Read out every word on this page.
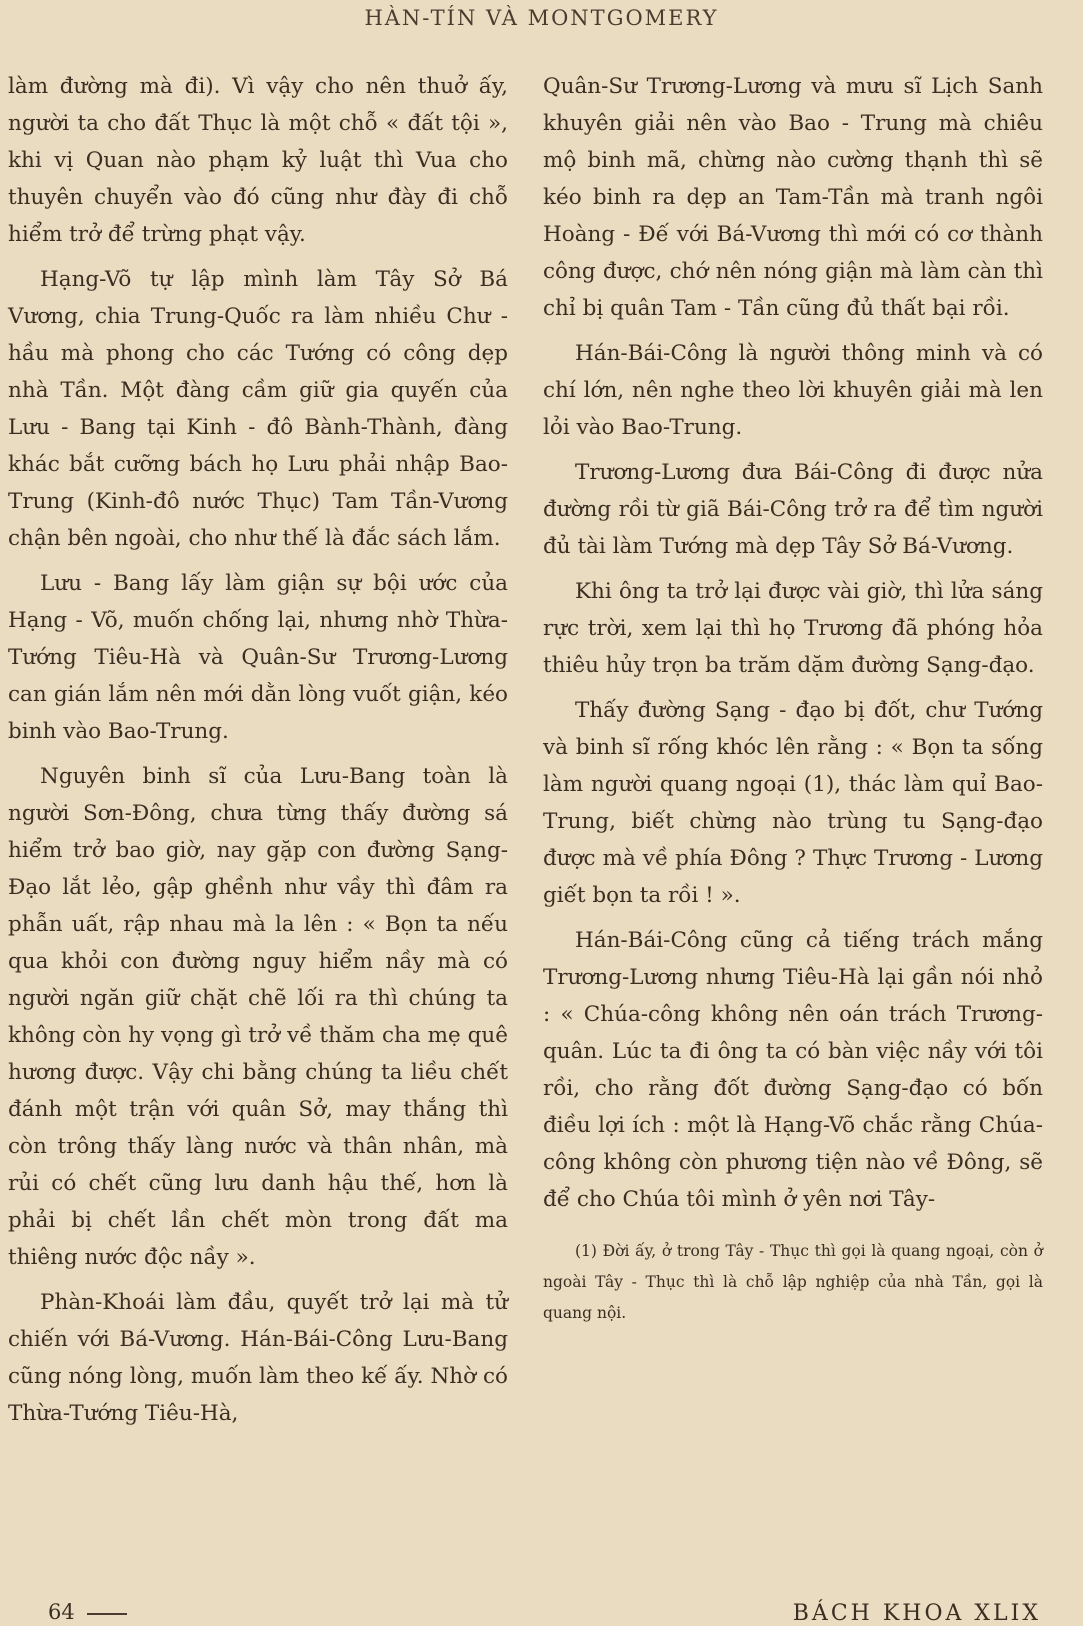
HÀN-TÍN VÀ MONTGOMERY

làm đường mà đi). Vì vậy cho nên thuở ấy, người ta cho đất Thục là một chỗ « đất tội », khi vị Quan nào phạm kỷ luật thì Vua cho thuyên chuyển vào đó cũng như đày đi chỗ hiểm trở để trừng phạt vậy.

Hạng-Võ tự lập mình làm Tây Sở Bá Vương, chia Trung-Quốc ra làm nhiều Chư - hầu mà phong cho các Tướng có công dẹp nhà Tần. Một đàng cầm giữ gia quyến của Lưu - Bang tại Kinh - đô Bành-Thành, đàng khác bắt cưỡng bách họ Lưu phải nhập Bao-Trung (Kinh-đô nước Thục) Tam Tần-Vương chận bên ngoài, cho như thế là đắc sách lắm.

Lưu - Bang lấy làm giận sự bội ước của Hạng - Võ, muốn chống lại, nhưng nhờ Thừa-Tướng Tiêu-Hà và Quân-Sư Trương-Lương can gián lắm nên mới dằn lòng vuốt giận, kéo binh vào Bao-Trung.

Nguyên binh sĩ của Lưu-Bang toàn là người Sơn-Đông, chưa từng thấy đường sá hiểm trở bao giờ, nay gặp con đường Sạng-Đạo lắt lẻo, gập ghềnh như vầy thì đâm ra phẫn uất, rập nhau mà la lên : « Bọn ta nếu qua khỏi con đường nguy hiểm nầy mà có người ngăn giữ chặt chẽ lối ra thì chúng ta không còn hy vọng gì trở về thăm cha mẹ quê hương được. Vậy chi bằng chúng ta liều chết đánh một trận với quân Sở, may thắng thì còn trông thấy làng nước và thân nhân, mà rủi có chết cũng lưu danh hậu thế, hơn là phải bị chết lần chết mòn trong đất ma thiêng nước độc nầy ».

Phàn-Khoái làm đầu, quyết trở lại mà tử chiến với Bá-Vương. Hán-Bái-Công Lưu-Bang cũng nóng lòng, muốn làm theo kế ấy. Nhờ có Thừa-Tướng Tiêu-Hà,

Quân-Sư Trương-Lương và mưu sĩ Lịch Sanh khuyên giải nên vào Bao - Trung mà chiêu mộ binh mã, chừng nào cường thạnh thì sẽ kéo binh ra dẹp an Tam-Tần mà tranh ngôi Hoàng - Đế với Bá-Vương thì mới có cơ thành công được, chớ nên nóng giận mà làm càn thì chỉ bị quân Tam - Tần cũng đủ thất bại rồi.

Hán-Bái-Công là người thông minh và có chí lớn, nên nghe theo lời khuyên giải mà len lỏi vào Bao-Trung.

Trương-Lương đưa Bái-Công đi được nửa đường rồi từ giã Bái-Công trở ra để tìm người đủ tài làm Tướng mà dẹp Tây Sở Bá-Vương.

Khi ông ta trở lại được vài giờ, thì lửa sáng rực trời, xem lại thì họ Trương đã phóng hỏa thiêu hủy trọn ba trăm dặm đường Sạng-đạo.

Thấy đường Sạng - đạo bị đốt, chư Tướng và binh sĩ rống khóc lên rằng : « Bọn ta sống làm người quang ngoại (1), thác làm quỉ Bao-Trung, biết chừng nào trùng tu Sạng-đạo được mà về phía Đông ? Thực Trương - Lương giết bọn ta rồi ! ».

Hán-Bái-Công cũng cả tiếng trách mắng Trương-Lương nhưng Tiêu-Hà lại gần nói nhỏ : « Chúa-công không nên oán trách Trương-quân. Lúc ta đi ông ta có bàn việc nầy với tôi rồi, cho rằng đốt đường Sạng-đạo có bốn điều lợi ích : một là Hạng-Võ chắc rằng Chúa-công không còn phương tiện nào về Đông, sẽ để cho Chúa tôi mình ở yên nơi Tây-

(1) Đời ấy, ở trong Tây - Thục thì gọi là quang ngoại, còn ở ngoài Tây - Thục thì là chỗ lập nghiệp của nhà Tần, gọi là quang nội.

64	BÁCH KHOA XLIX
